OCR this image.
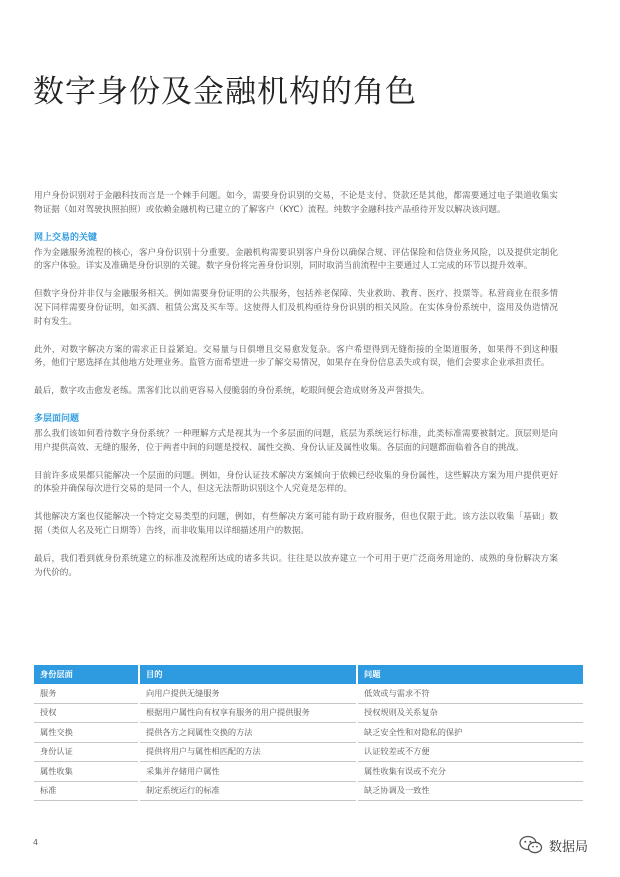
数字身份及金融机构的角色

用户身份识别对于金融科技而言是一个棘手问题。如今，需要身份识别的交易，不论是支付、贷款还是其他，都需要通过电子渠道收集实物证据（如对驾驶执照拍照）或依赖金融机构已建立的了解客户（KYC）流程。纯数字金融科技产品亟待开发以解决该问题。

网上交易的关键

作为金融服务流程的核心，客户身份识别十分重要。金融机构需要识别客户身份以确保合规、评估保险和信贷业务风险，以及提供定制化的客户体验。详实及准确是身份识别的关键。数字身份将完善身份识别，同时取消当前流程中主要通过人工完成的环节以提升效率。

但数字身份并非仅与金融服务相关。例如需要身份证明的公共服务，包括养老保障、失业救助、教育、医疗、投票等。私营商业在很多情况下同样需要身份证明，如买酒、租赁公寓及买车等。这使得人们及机构亟待身份识别的相关风险。在实体身份系统中，盗用及伪造情况时有发生。

此外，对数字解决方案的需求正日益紧迫。交易量与日俱增且交易愈发复杂。客户希望得到无缝衔接的全渠道服务，如果得不到这种服务，他们宁愿选择在其他地方处理业务。监管方面希望进一步了解交易情况，如果存在身份信息丢失或有误，他们会要求企业承担责任。

最后，数字攻击愈发老练。黑客们比以前更容易入侵脆弱的身份系统，屹眼间便会造成财务及声誉损失。

多层面问题

那么我们该如何看待数字身份系统？一种理解方式是视其为一个多层面的问题，底层为系统运行标准，此类标准需要被制定。顶层则是向用户提供高效、无缝的服务，位于两者中间的问题是授权、属性交换、身份认证及属性收集。各层面的问题都面临着各自的挑战。

目前许多成果都只能解决一个层面的问题。例如，身份认证技术解决方案倾向于依赖已经收集的身份属性，这些解决方案为用户提供更好的体验并确保每次进行交易的是同一个人，但这无法帮助识别这个人究竟是怎样的。

其他解决方案也仅能解决一个特定交易类型的问题，例如，有些解决方案可能有助于政府服务，但也仅限于此。该方法以收集「基础」数据（类似人名及死亡日期等）告终，而非收集用以详细描述用户的数据。

最后，我们看到就身份系统建立的标准及流程所达成的诸多共识。往往是以放弃建立一个可用于更广泛商务用途的、成熟的身份解决方案为代价的。

身份层面	目的	问题
服务	向用户提供无缝服务	低效或与需求不符
授权	根据用户属性向有权享有服务的用户提供服务	授权规则及关系复杂
属性交换	提供各方之间属性交换的方法	缺乏安全性和对隐私的保护
身份认证	提供将用户与属性相匹配的方法	认证较差或不方便
属性收集	采集并存储用户属性	属性收集有误或不充分
标准	制定系统运行的标准	缺乏协调及一致性
4	数据局
